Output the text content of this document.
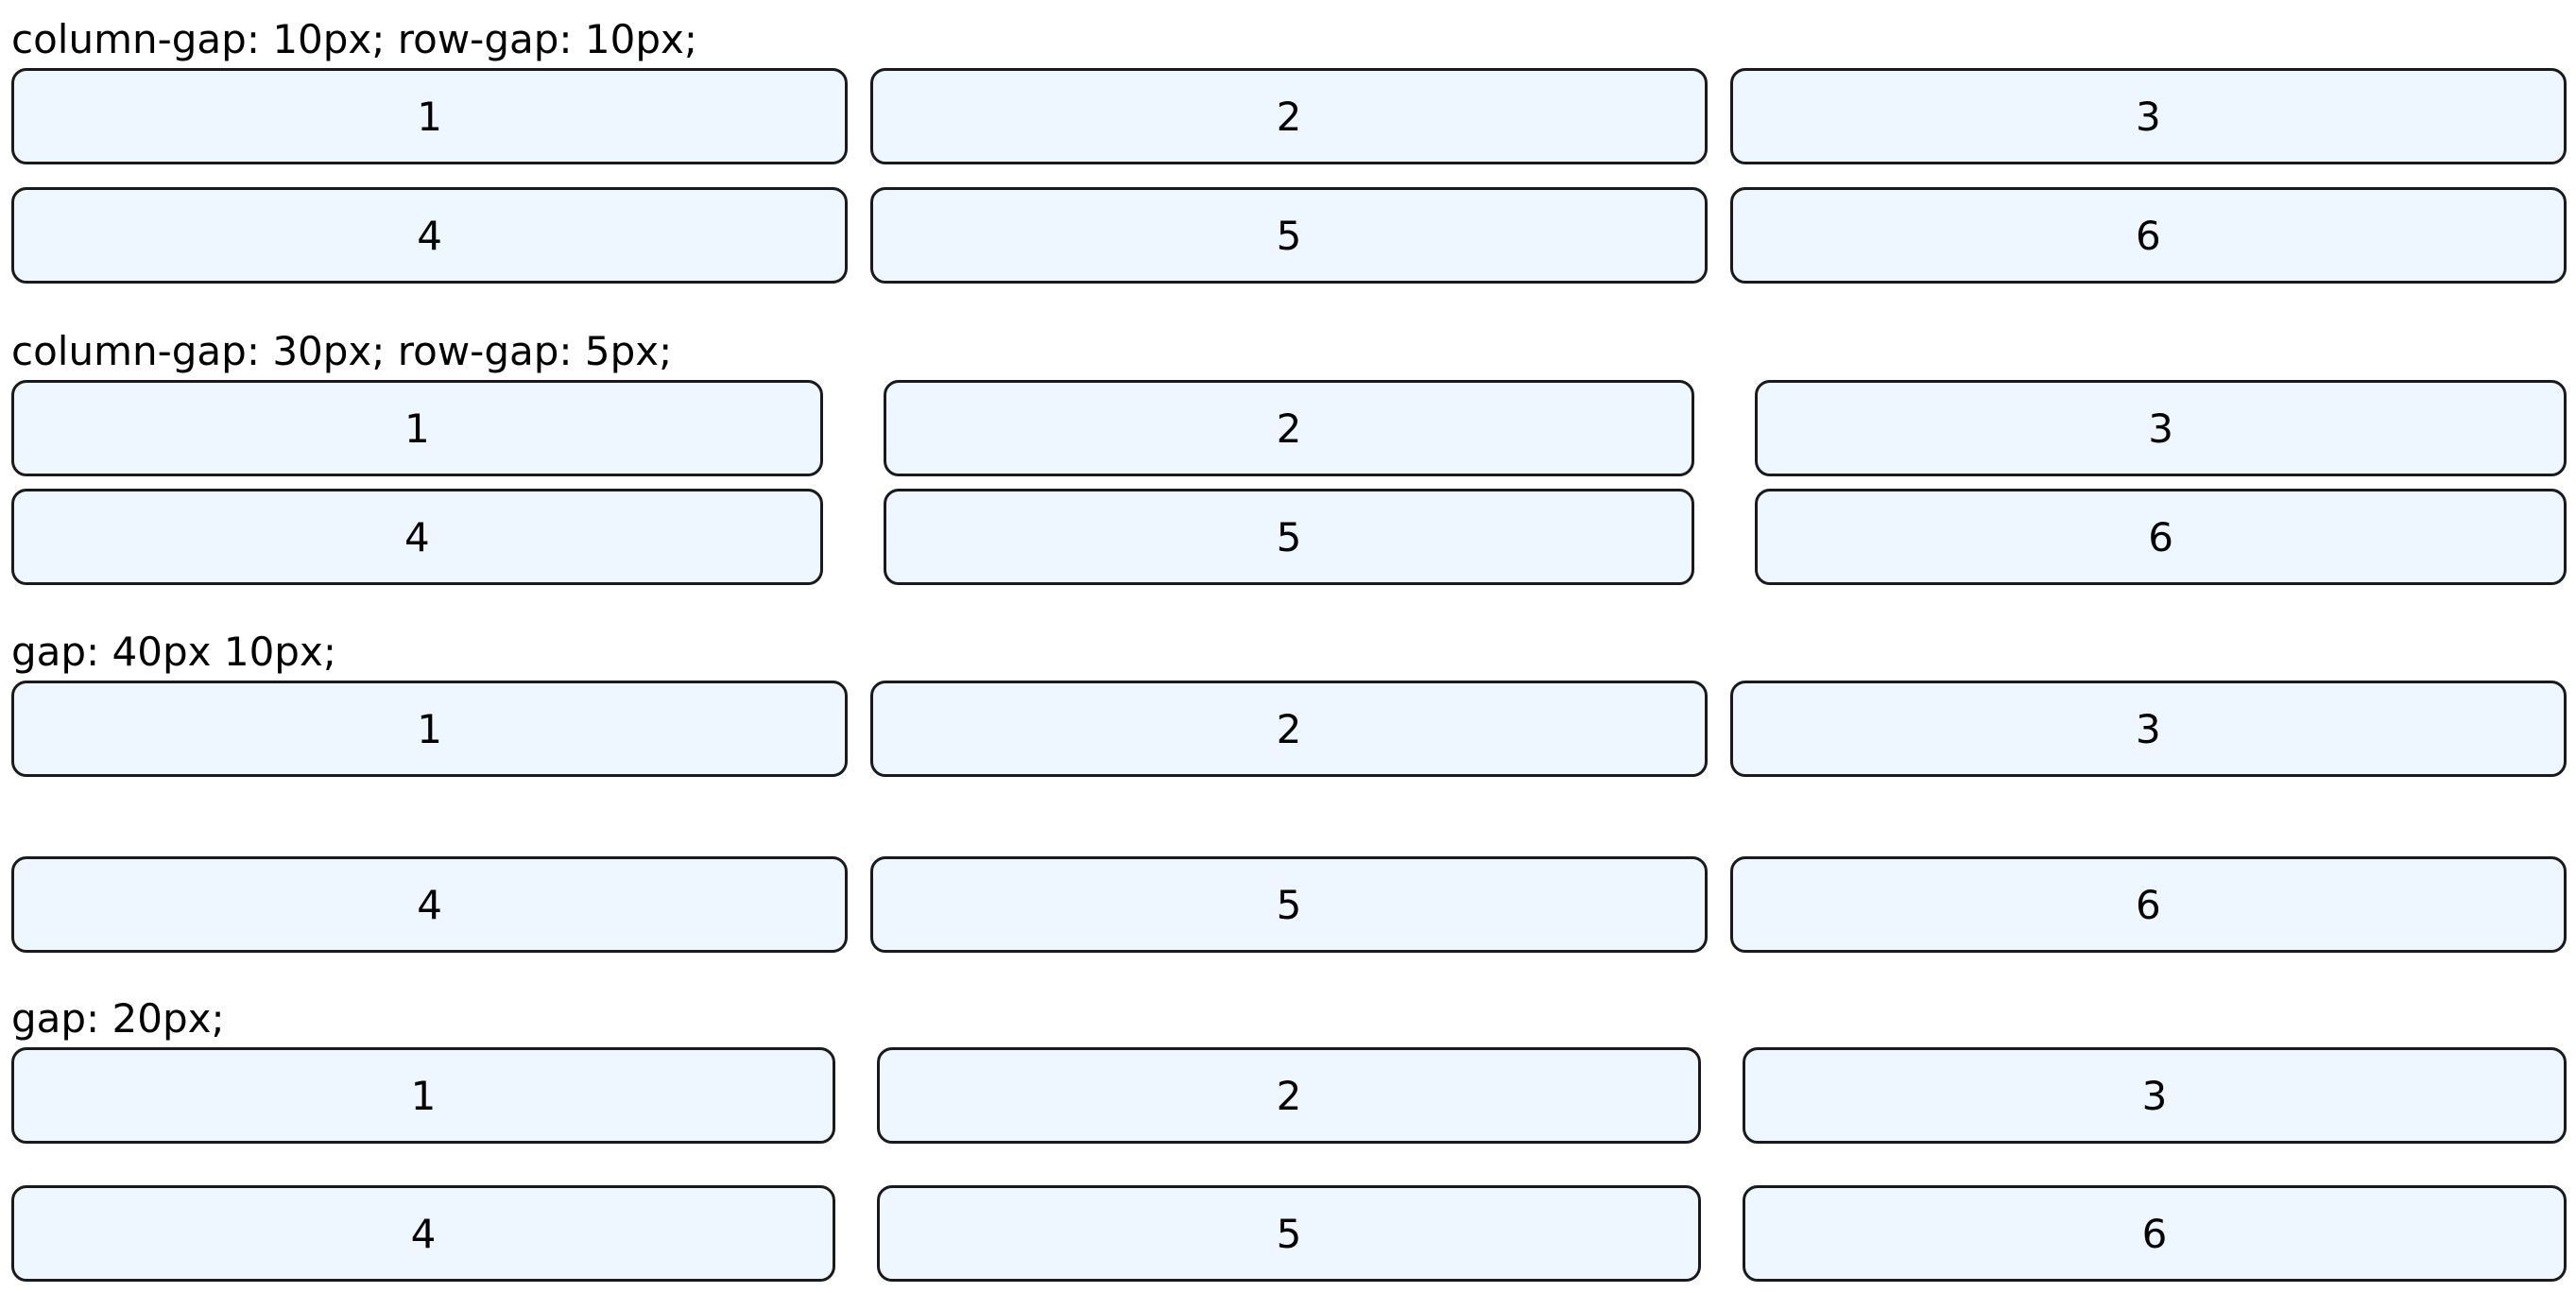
column-gap: 10px; row-gap: 10px;
1	2	3
4	5	6
column-gap: 30px; row-gap: 5px;
1	2	3
4	5	6
gap: 40px 10px;
1	2	3
4	5	6
gap: 20px;
1	2	3
4	5	6
